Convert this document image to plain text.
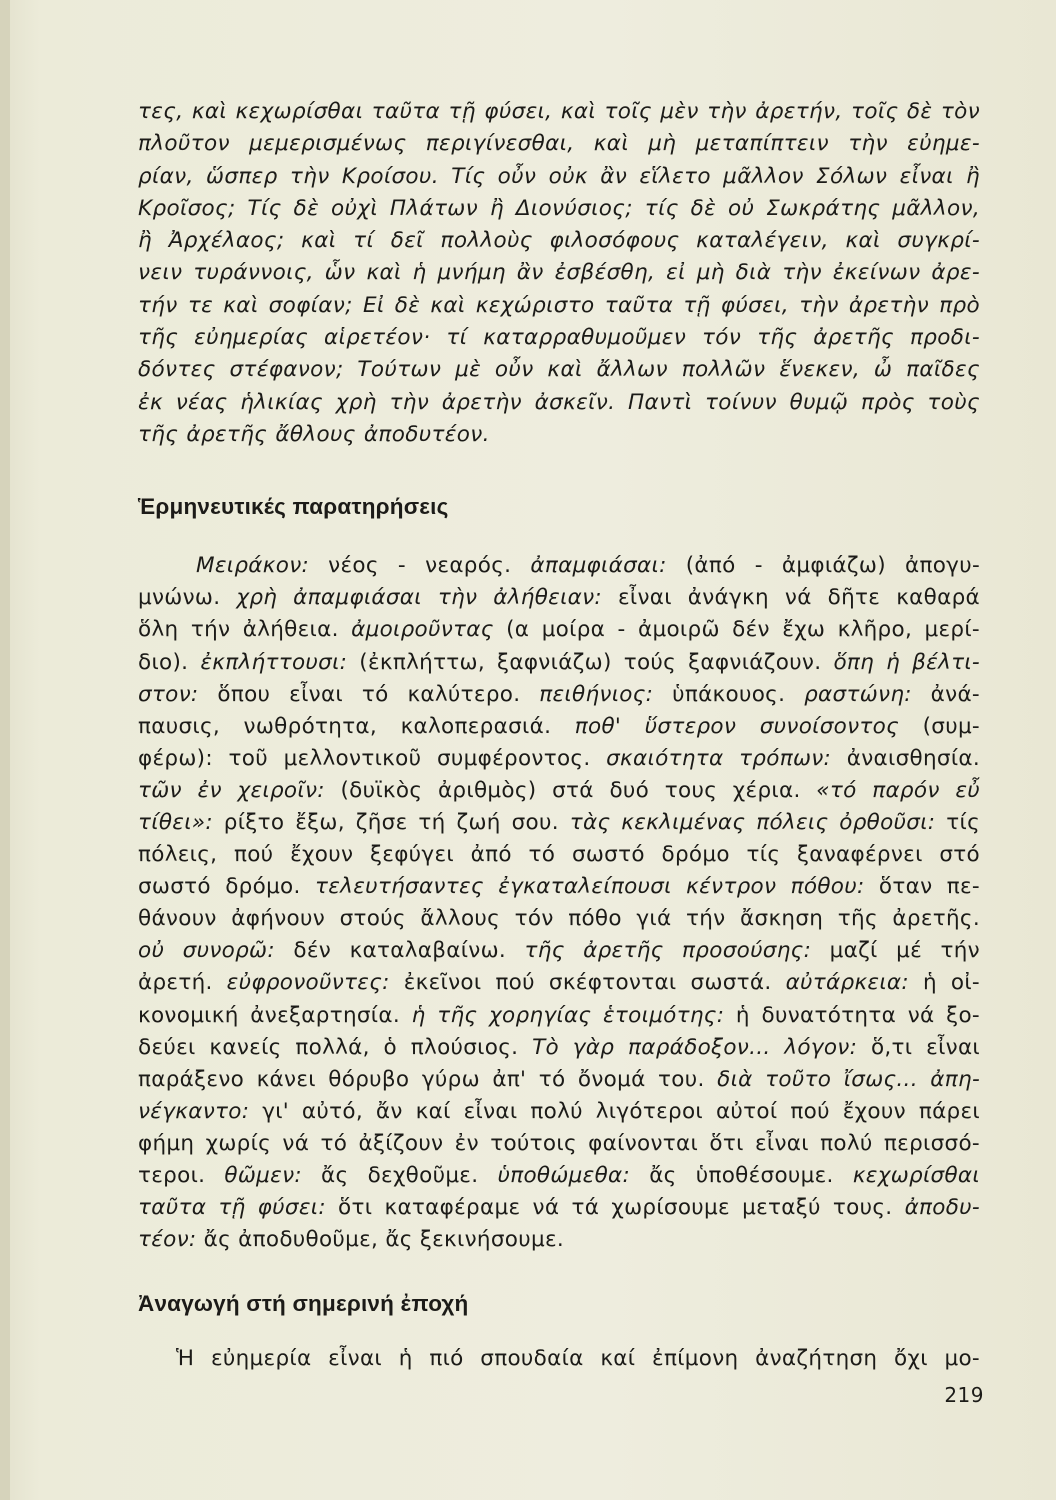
τες, καὶ κεχωρίσθαι ταῦτα τῇ φύσει, καὶ τοῖς μὲν τὴν ἀρετήν, τοῖς δὲ τὸν

πλοῦτον μεμερισμένως περιγίνεσθαι, καὶ μὴ μεταπίπτειν τὴν εὐημε-

ρίαν, ὥσπερ τὴν Κροίσου. Τίς οὖν οὐκ ἂν εἵλετο μᾶλλον Σόλων εἶναι ἢ

Κροῖσος; Τίς δὲ οὐχὶ Πλάτων ἢ Διονύσιος; τίς δὲ οὐ Σωκράτης μᾶλλον,

ἢ Ἀρχέλαος; καὶ τί δεῖ πολλοὺς φιλοσόφους καταλέγειν, καὶ συγκρί-

νειν τυράννοις, ὧν καὶ ἡ μνήμη ἂν ἐσβέσθη, εἰ μὴ διὰ τὴν ἐκείνων ἀρε-

τήν τε καὶ σοφίαν; Εἰ δὲ καὶ κεχώριστο ταῦτα τῇ φύσει, τὴν ἀρετὴν πρὸ

τῆς εὐημερίας αἱρετέον· τί καταρραθυμοῦμεν τόν τῆς ἀρετῆς προδι-

δόντες στέφανον; Τούτων μὲ οὖν καὶ ἄλλων πολλῶν ἕνεκεν, ὦ παῖδες

ἐκ νέας ἡλικίας χρὴ τὴν ἀρετὴν ἀσκεῖν. Παντὶ τοίνυν θυμῷ πρὸς τοὺς

τῆς ἀρετῆς ἄθλους ἀποδυτέον.

Ἑρμηνευτικές παρατηρήσεις

Μειράκον: νέος - νεαρός. ἀπαμφιάσαι: (ἀπό - ἀμφιάζω) ἀπογυ-

μνώνω. χρὴ ἀπαμφιάσαι τὴν ἀλήθειαν: εἶναι ἀνάγκη νά δῆτε καθαρά

ὅλη τήν ἀλήθεια. ἀμοιροῦντας (α μοίρα - ἀμοιρῶ δέν ἔχω κλῆρο, μερί-

διο). ἐκπλήττουσι: (ἐκπλήττω, ξαφνιάζω) τούς ξαφνιάζουν. ὅπη ἡ βέλτι-

στον: ὅπου εἶναι τό καλύτερο. πειθήνιος: ὑπάκουος. ραστώνη: ἀνά-

παυσις, νωθρότητα, καλοπερασιά. ποθ' ὕστερον συνοίσοντος (συμ-

φέρω): τοῦ μελλοντικοῦ συμφέροντος. σκαιότητα τρόπων: ἀναισθησία.

τῶν ἐν χειροῖν: (δυϊκὸς ἀριθμὸς) στά δυό τους χέρια. «τό παρόν εὖ

τίθει»: ρίξτο ἔξω, ζῆσε τή ζωή σου. τὰς κεκλιμένας πόλεις ὀρθοῦσι: τίς

πόλεις, πού ἔχουν ξεφύγει ἀπό τό σωστό δρόμο τίς ξαναφέρνει στό

σωστό δρόμο. τελευτήσαντες ἐγκαταλείπουσι κέντρον πόθου: ὅταν πε-

θάνουν ἀφήνουν στούς ἄλλους τόν πόθο γιά τήν ἄσκηση τῆς ἀρετῆς.

οὐ συνορῶ: δέν καταλαβαίνω. τῆς ἀρετῆς προσούσης: μαζί μέ τήν

ἀρετή. εὐφρονοῦντες: ἐκεῖνοι πού σκέφτονται σωστά. αὐτάρκεια: ἡ οἰ-

κονομική ἀνεξαρτησία. ἡ τῆς χορηγίας ἑτοιμότης: ἡ δυνατότητα νά ξο-

δεύει κανείς πολλά, ὁ πλούσιος. Τὸ γὰρ παράδοξον... λόγον: ὅ,τι εἶναι

παράξενο κάνει θόρυβο γύρω ἀπ' τό ὄνομά του. διὰ τοῦτο ἴσως... ἀπη-

νέγκαντο: γι' αὐτό, ἄν καί εἶναι πολύ λιγότεροι αὐτοί πού ἔχουν πάρει

φήμη χωρίς νά τό ἀξίζουν ἐν τούτοις φαίνονται ὅτι εἶναι πολύ περισσό-

τεροι. θῶμεν: ἄς δεχθοῦμε. ὑποθώμεθα: ἄς ὑποθέσουμε. κεχωρίσθαι

ταῦτα τῇ φύσει: ὅτι καταφέραμε νά τά χωρίσουμε μεταξύ τους. ἀποδυ-

τέον: ἄς ἀποδυθοῦμε, ἄς ξεκινήσουμε.

Ἀναγωγή στή σημερινή ἐποχή

Ἡ εὐημερία εἶναι ἡ πιό σπουδαία καί ἐπίμονη ἀναζήτηση ὄχι μο-

219
